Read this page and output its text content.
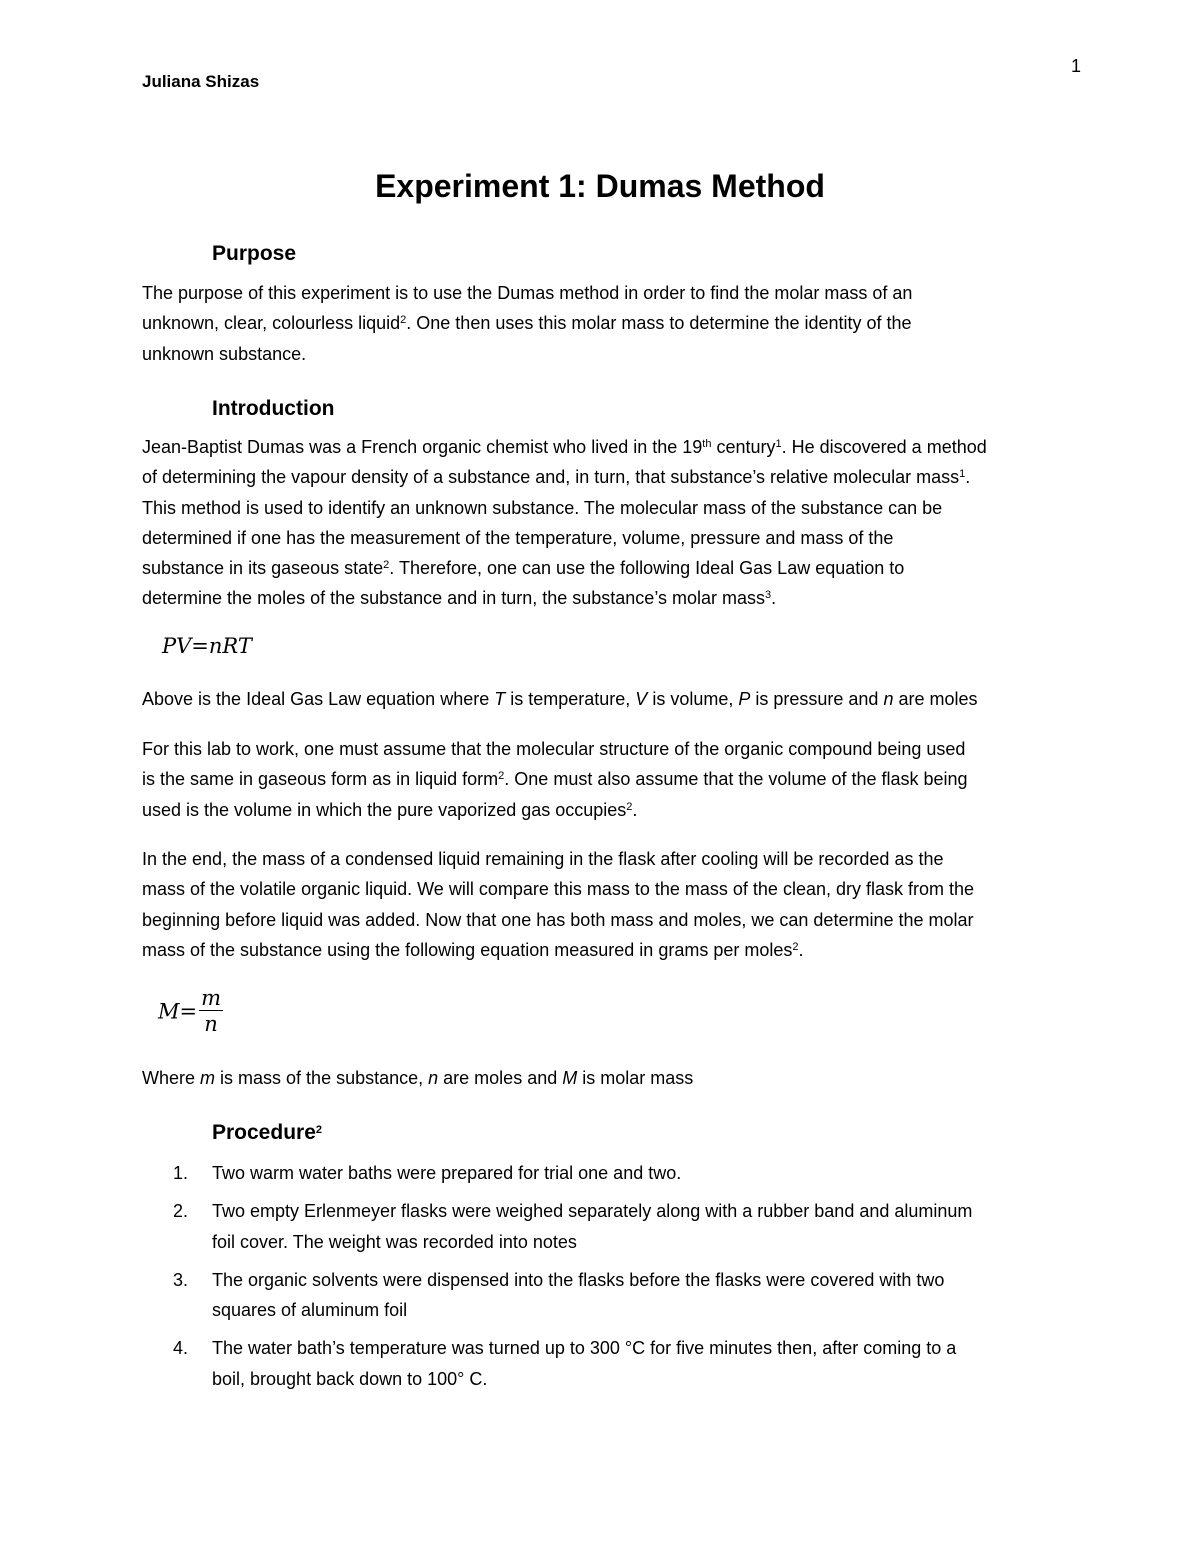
Juliana Shizas
1
Experiment 1: Dumas Method
Purpose
The purpose of this experiment is to use the Dumas method in order to find the molar mass of an
unknown, clear, colourless liquid$^2$. One then uses this molar mass to determine the identity of the
unknown substance.
Introduction
Jean-Baptist Dumas was a French organic chemist who lived in the 19th century$^1$. He discovered a method
of determining the vapour density of a substance and, in turn, that substance’s relative molecular mass$^1$.
This method is used to identify an unknown substance. The molecular mass of the substance can be
determined if one has the measurement of the temperature, volume, pressure and mass of the
substance in its gaseous state$^2$. Therefore, one can use the following Ideal Gas Law equation to
determine the moles of the substance and in turn, the substance’s molar mass$^3$.
PV=nRT
Above is the Ideal Gas Law equation where T is temperature, V is volume, P is pressure and n are moles
For this lab to work, one must assume that the molecular structure of the organic compound being used
is the same in gaseous form as in liquid form$^2$. One must also assume that the volume of the flask being
used is the volume in which the pure vaporized gas occupies$^2$.
In the end, the mass of a condensed liquid remaining in the flask after cooling will be recorded as the
mass of the volatile organic liquid. We will compare this mass to the mass of the clean, dry flask from the
beginning before liquid was added. Now that one has both mass and moles, we can determine the molar
mass of the substance using the following equation measured in grams per moles$^2$.
$M= \frac{m}{n}$
Where m is mass of the substance, n are moles and M is molar mass
Procedure$^2$
1. Two warm water baths were prepared for trial one and two.
2. Two empty Erlenmeyer flasks were weighed separately along with a rubber band and aluminum
foil cover. The weight was recorded into notes
3. The organic solvents were dispensed into the flasks before the flasks were covered with two
squares of aluminum foil
4. The water bath’s temperature was turned up to 300 °C for five minutes then, after coming to a
boil, brought back down to 100° C.
